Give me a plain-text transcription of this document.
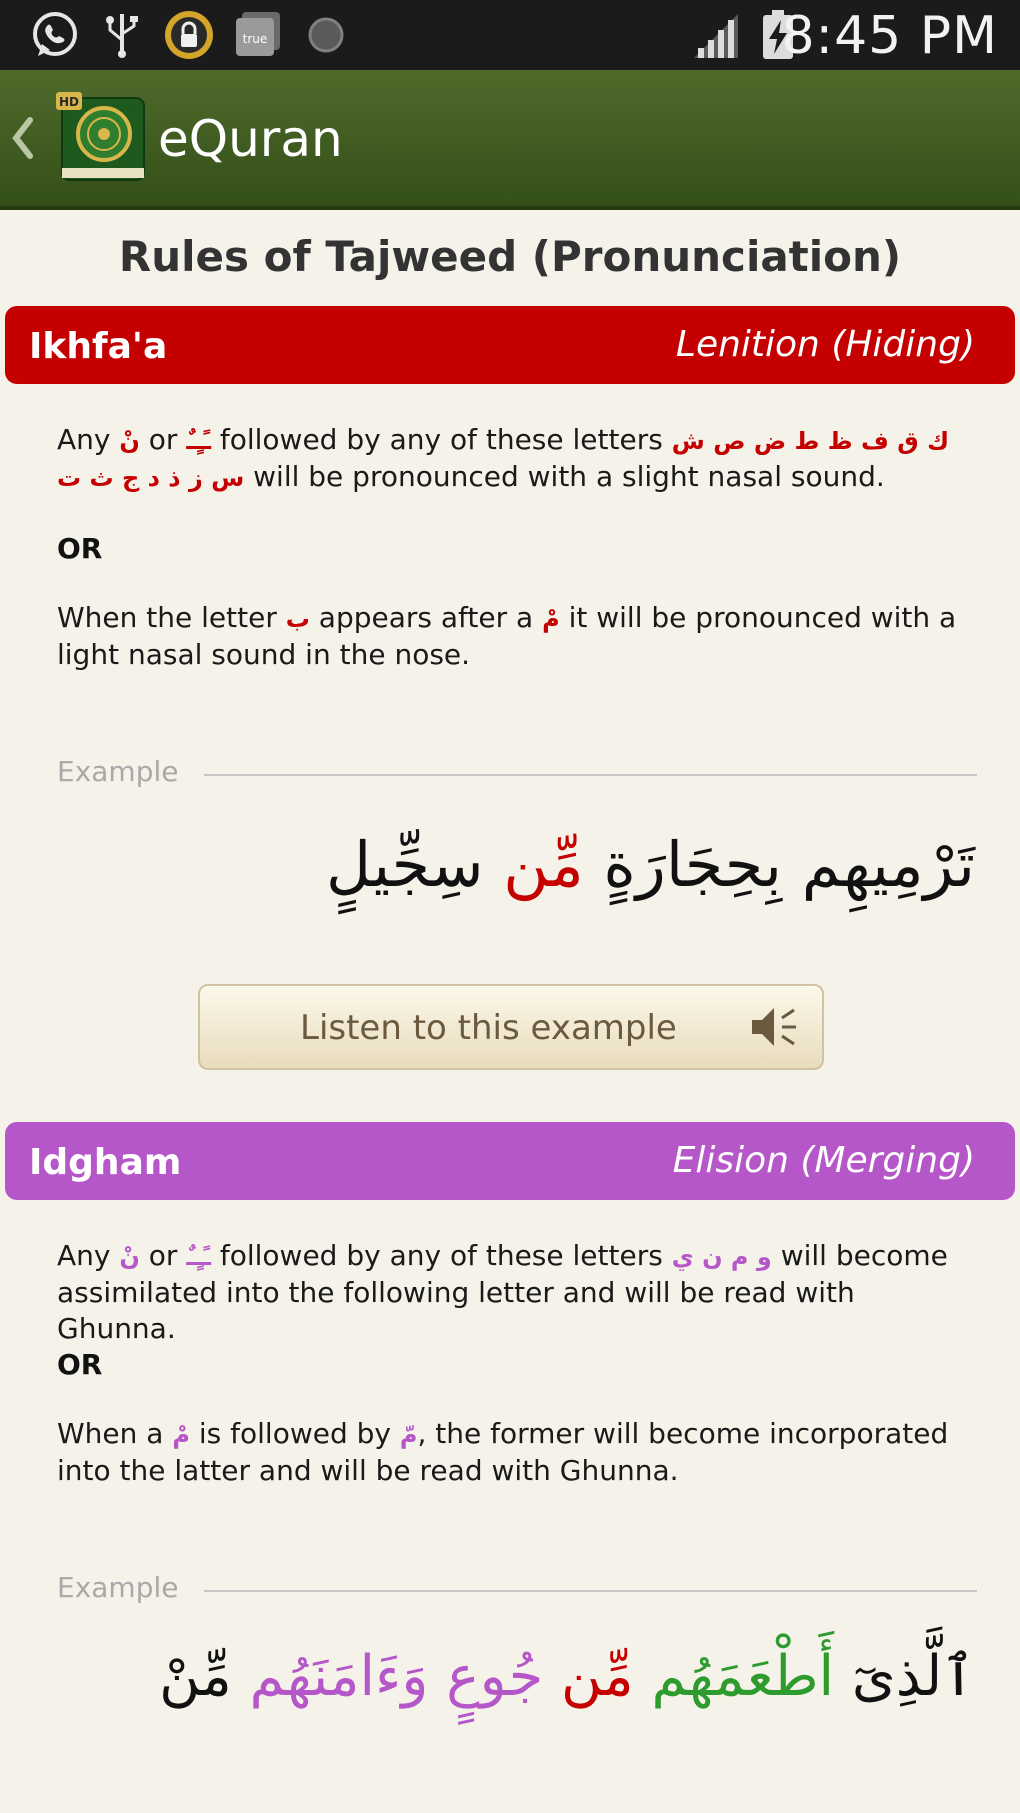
true	8:45 PM
HD
eQuran
Rules of Tajweed (Pronunciation)
Ikhfa'a	Lenition (Hiding)
Any نْ or ـًـٍـٌ followed by any of these letters ك ق ف ظ ط ض ص ش س ز ذ د ج ث ت will be pronounced with a slight nasal sound.
OR
When the letter ب appears after a مْ it will be pronounced with a light nasal sound in the nose.
Example
تَرْمِيهِم بِحِجَارَةٍ مِّن سِجِّيلٍ
Listen to this example
Idgham	Elision (Merging)
Any نْ or ـًـٍـٌ followed by any of these letters و م ن ي will become assimilated into the following letter and will be read with Ghunna.
OR
When a مْ is followed by مّ, the former will become incorporated into the latter and will be read with Ghunna.
Example
ٱلَّذِىٓ أَطْعَمَهُم مِّن جُوعٍ وَءَامَنَهُم مِّنْ
